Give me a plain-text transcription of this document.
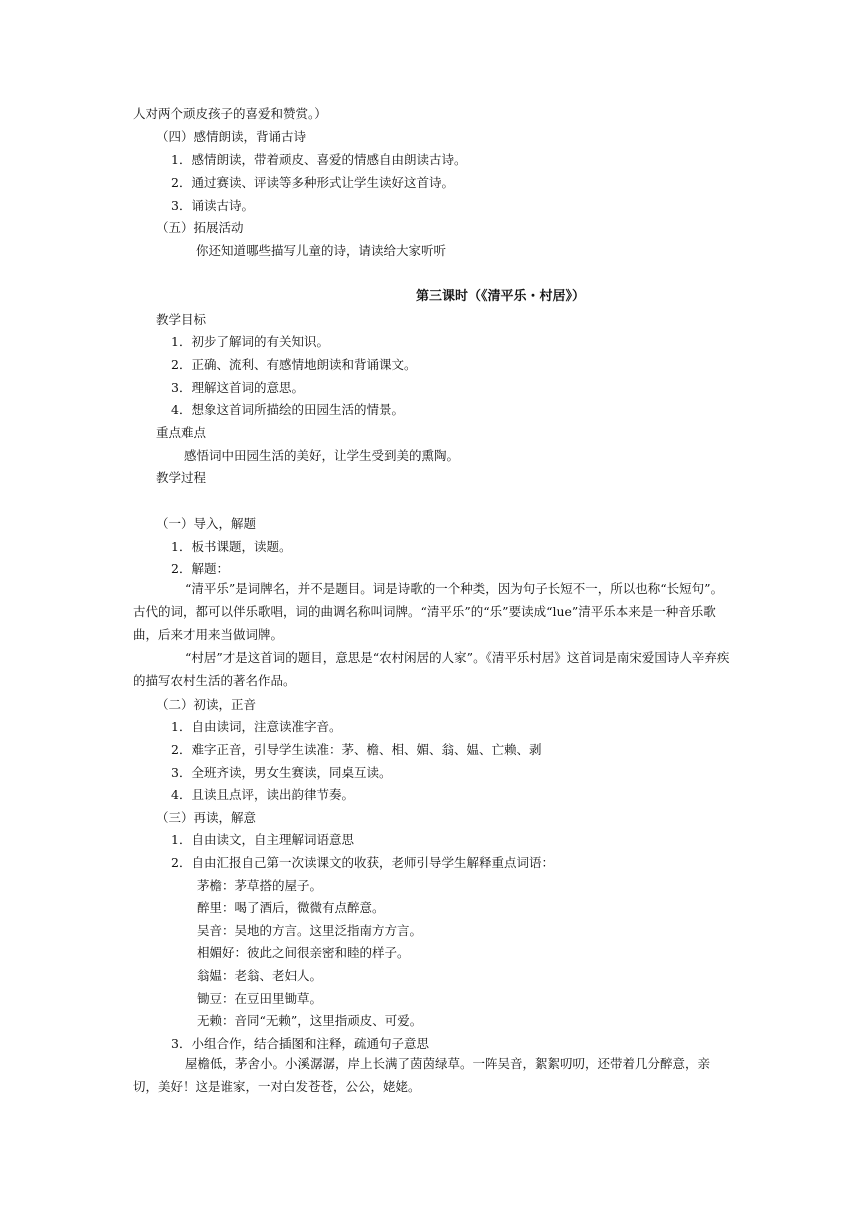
人对两个顽皮孩子的喜爱和赞赏。）
（四）感情朗读，背诵古诗
1．感情朗读，带着顽皮、喜爱的情感自由朗读古诗。
2．通过赛读、评读等多种形式让学生读好这首诗。
3．诵读古诗。
（五）拓展活动
你还知道哪些描写儿童的诗，请读给大家听听
第三课时（《清平乐・村居》）
教学目标
1．初步了解词的有关知识。
2．正确、流利、有感情地朗读和背诵课文。
3．理解这首词的意思。
4．想象这首词所描绘的田园生活的情景。
重点难点
感悟词中田园生活的美好，让学生受到美的熏陶。
教学过程
（一）导入，解题
1．板书课题，读题。
2．解题：
“清平乐”是词牌名，并不是题目。词是诗歌的一个种类，因为句子长短不一，所以也称“长短句”。古代的词，都可以伴乐歌唱，词的曲调名称叫词牌。“清平乐”的“乐”要读成“lue”清平乐本来是一种音乐歌曲，后来才用来当做词牌。
“村居”才是这首词的题目，意思是“农村闲居的人家”。《清平乐村居》这首词是南宋爱国诗人辛弃疾的描写农村生活的著名作品。
（二）初读，正音
1．自由读词，注意读准字音。
2．难字正音，引导学生读准：茅、檐、相、媚、翁、媪、亡赖、剥
3．全班齐读，男女生赛读，同桌互读。
4．且读且点评，读出韵律节奏。
（三）再读，解意
1．自由读文，自主理解词语意思
2．自由汇报自己第一次读课文的收获，老师引导学生解释重点词语：
茅檐：茅草搭的屋子。
醉里：喝了酒后，微微有点醉意。
吴音：吴地的方言。这里泛指南方方言。
相媚好：彼此之间很亲密和睦的样子。
翁媪：老翁、老妇人。
锄豆：在豆田里锄草。
无赖：音同“无赖”，这里指顽皮、可爱。
3．小组合作，结合插图和注释，疏通句子意思
屋檐低，茅舍小。小溪潺潺，岸上长满了茵茵绿草。一阵吴音，絮絮叨叨，还带着几分醉意，亲切，美好！这是谁家，一对白发苍苍，公公，姥姥。
